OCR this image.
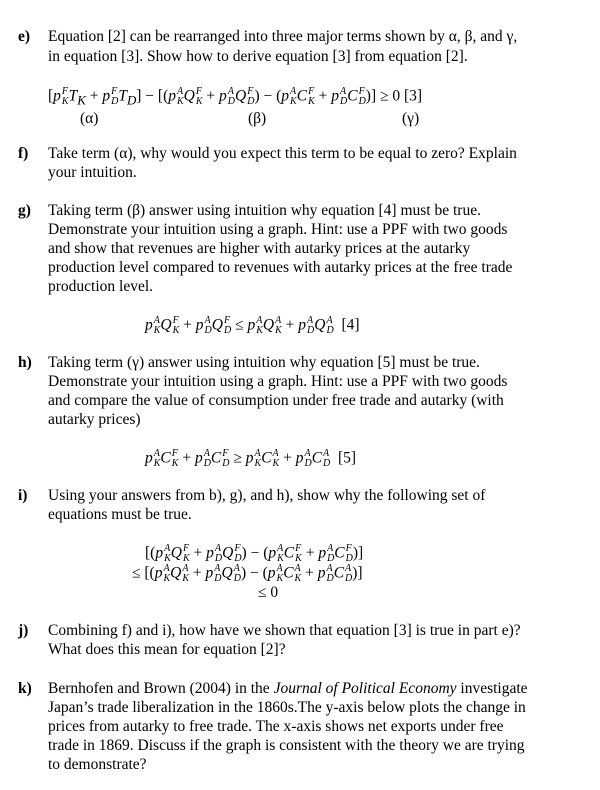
e) Equation [2] can be rearranged into three major terms shown by α, β, and γ,
in equation [3]. Show how to derive equation [3] from equation [2].
[p F
K $T_K + p$ F
D $T_D] - [(p$ A
K Q F
K + p A
D Q F
D ) − (p A
K C F
K + p A
D C F
D )] ≥ 0 [3]
(α)	(β)	(γ)
f) Take term (α), why would you expect this term to be equal to zero? Explain
your intuition.
g) Taking term (β) answer using intuition why equation [4] must be true.
Demonstrate your intuition using a graph. Hint: use a PPF with two goods
and show that revenues are higher with autarky prices at the autarky
production level compared to revenues with autarky prices at the free trade
production level.
p A
K Q F
K + p A
D Q F
D ≤ p A
K Q A
K + p A
D Q A
D [4]
h) Taking term (γ) answer using intuition why equation [5] must be true.
Demonstrate your intuition using a graph. Hint: use a PPF with two goods
and compare the value of consumption under free trade and autarky (with
autarky prices)
p A
K C F
K + p A
D C F
D ≥ p A
K C A
K + p A
D C A
D [5]
i) Using your answers from b), g), and h), show why the following set of
equations must be true.
[(p A
K Q F
K + p A
D Q F
D ) − (p A
K C F
K + p A
D C F
D )]
≤ [(p A
K Q A
K + p A
D Q A
D ) − (p A
K C A
K + p A
D C A
D )]
≤ 0
j) Combining f) and i), how have we shown that equation [3] is true in part e)?
What does this mean for equation [2]?
k) Bernhofen and Brown (2004) in the Journal of Political Economy investigate
Japan’s trade liberalization in the 1860s.The y-axis below plots the change in
prices from autarky to free trade. The x-axis shows net exports under free
trade in 1869. Discuss if the graph is consistent with the theory we are trying
to demonstrate?
